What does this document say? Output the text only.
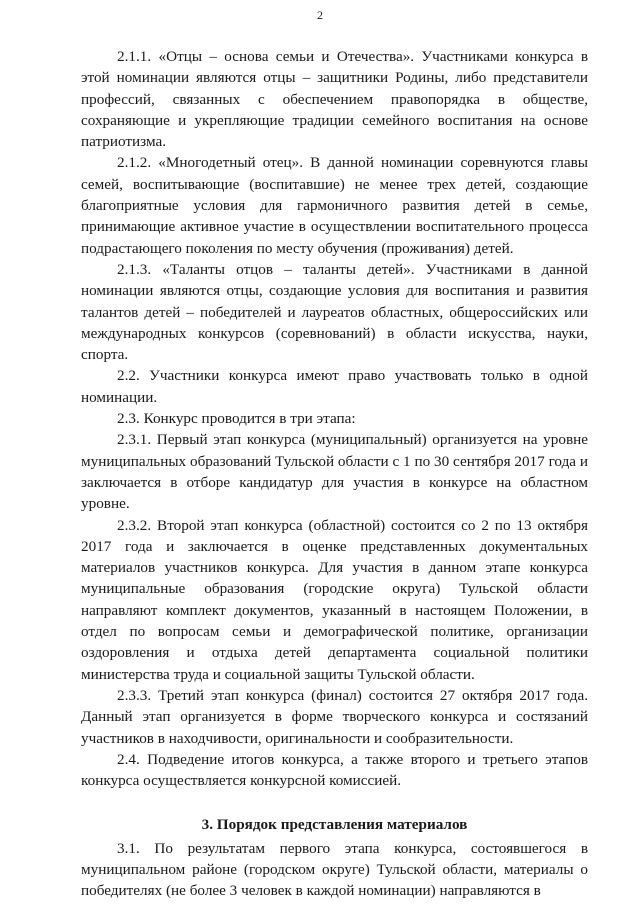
2

2.1.1. «Отцы – основа семьи и Отечества». Участниками конкурса в этой номинации являются отцы – защитники Родины, либо представители профессий, связанных с обеспечением правопорядка в обществе, сохраняющие и укрепляющие традиции семейного воспитания на основе патриотизма.

2.1.2. «Многодетный отец». В данной номинации соревнуются главы семей, воспитывающие (воспитавшие) не менее трех детей, создающие благоприятные условия для гармоничного развития детей в семье, принимающие активное участие в осуществлении воспитательного процесса подрастающего поколения по месту обучения (проживания) детей.

2.1.3. «Таланты отцов – таланты детей». Участниками в данной номинации являются отцы, создающие условия для воспитания и развития талантов детей – победителей и лауреатов областных, общероссийских или международных конкурсов (соревнований) в области искусства, науки, спорта.

2.2. Участники конкурса имеют право участвовать только в одной номинации.

2.3. Конкурс проводится в три этапа:

2.3.1. Первый этап конкурса (муниципальный) организуется на уровне муниципальных образований Тульской области с 1 по 30 сентября 2017 года и заключается в отборе кандидатур для участия в конкурсе на областном уровне.

2.3.2. Второй этап конкурса (областной) состоится со 2 по 13 октября 2017 года и заключается в оценке представленных документальных материалов участников конкурса. Для участия в данном этапе конкурса муниципальные образования (городские округа) Тульской области направляют комплект документов, указанный в настоящем Положении, в отдел по вопросам семьи и демографической политике, организации оздоровления и отдыха детей департамента социальной политики министерства труда и социальной защиты Тульской области.

2.3.3. Третий этап конкурса (финал) состоится 27 октября 2017 года. Данный этап организуется в форме творческого конкурса и состязаний участников в находчивости, оригинальности и сообразительности.

2.4. Подведение итогов конкурса, а также второго и третьего этапов конкурса осуществляется конкурсной комиссией.

3. Порядок представления материалов

3.1. По результатам первого этапа конкурса, состоявшегося в муниципальном районе (городском округе) Тульской области, материалы о победителях (не более 3 человек в каждой номинации) направляются в
